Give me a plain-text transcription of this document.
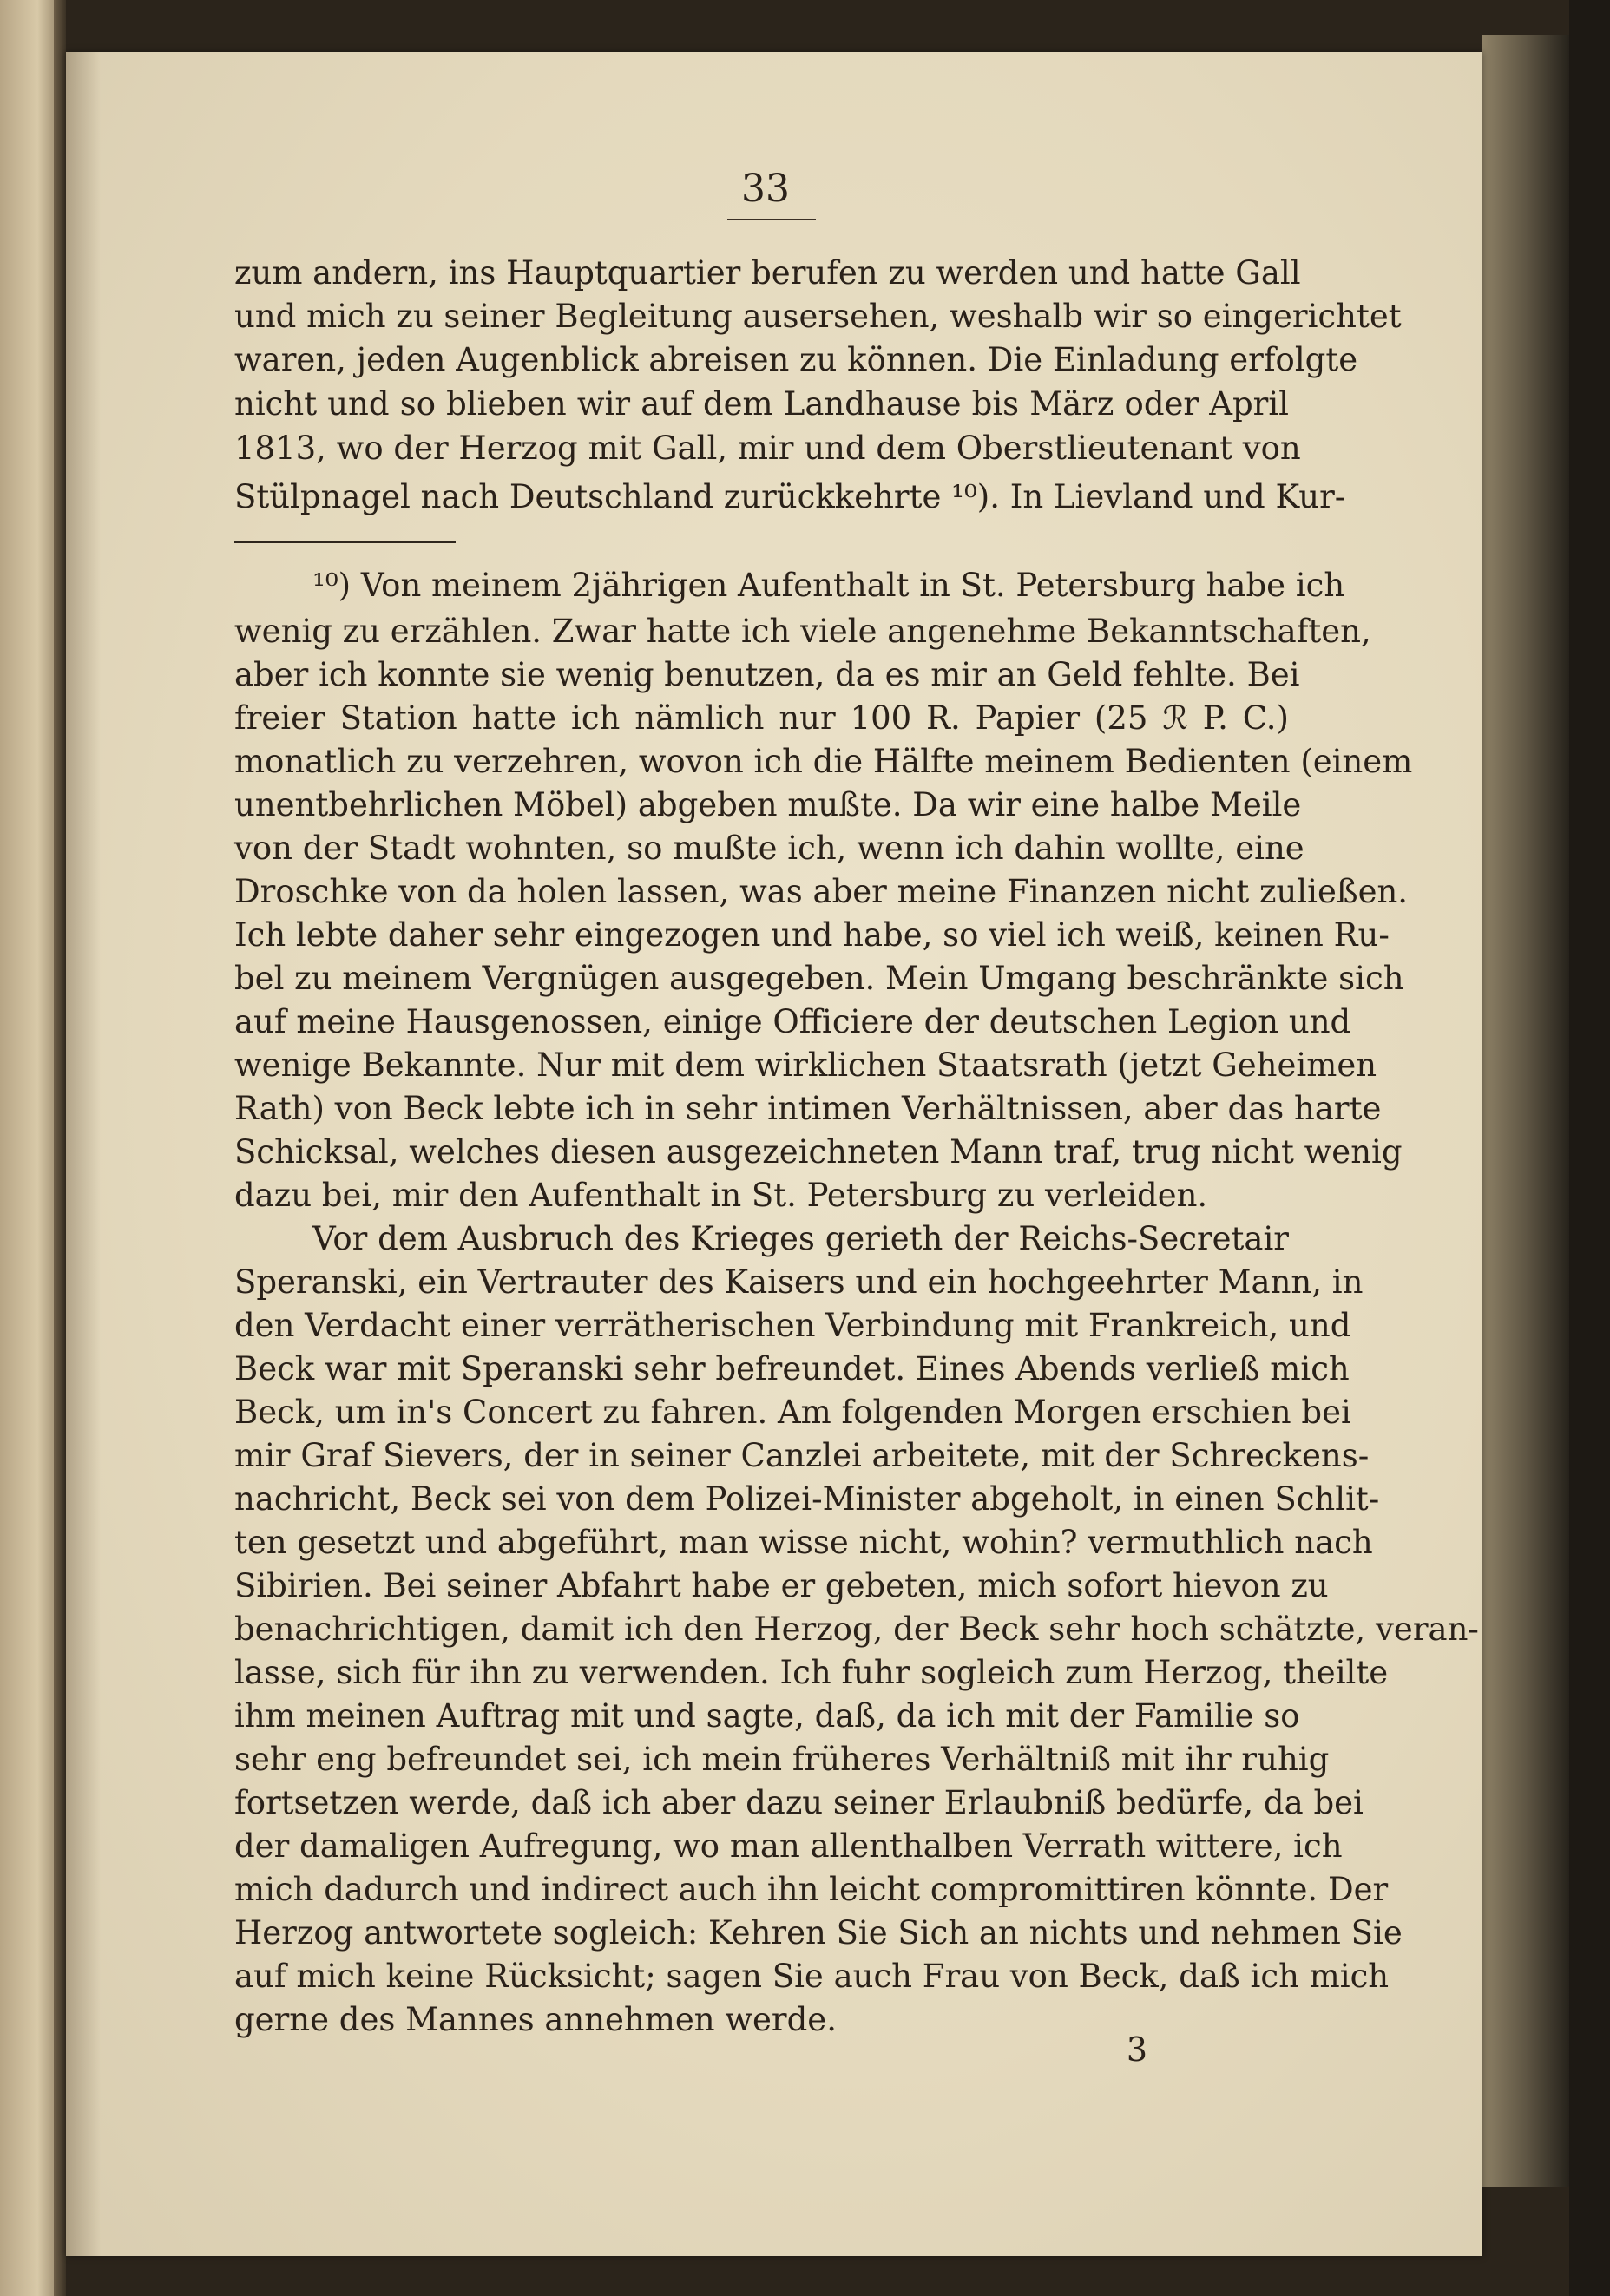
33
zum andern, ins Hauptquartier berufen zu werden und hatte Gall
und mich zu seiner Begleitung ausersehen, weshalb wir so eingerichtet
waren, jeden Augenblick abreisen zu können. Die Einladung erfolgte
nicht und so blieben wir auf dem Landhause bis März oder April
1813, wo der Herzog mit Gall, mir und dem Oberstlieutenant von
Stülpnagel nach Deutschland zurückkehrte ¹⁰). In Lievland und Kur-
¹⁰) Von meinem 2jährigen Aufenthalt in St. Petersburg habe ich
wenig zu erzählen. Zwar hatte ich viele angenehme Bekanntschaften,
aber ich konnte sie wenig benutzen, da es mir an Geld fehlte. Bei
freier Station hatte ich nämlich nur 100 R. Papier (25 ℛ P. C.)
monatlich zu verzehren, wovon ich die Hälfte meinem Bedienten (einem
unentbehrlichen Möbel) abgeben mußte. Da wir eine halbe Meile
von der Stadt wohnten, so mußte ich, wenn ich dahin wollte, eine
Droschke von da holen lassen, was aber meine Finanzen nicht zuließen.
Ich lebte daher sehr eingezogen und habe, so viel ich weiß, keinen Ru-
bel zu meinem Vergnügen ausgegeben. Mein Umgang beschränkte sich
auf meine Hausgenossen, einige Officiere der deutschen Legion und
wenige Bekannte. Nur mit dem wirklichen Staatsrath (jetzt Geheimen
Rath) von Beck lebte ich in sehr intimen Verhältnissen, aber das harte
Schicksal, welches diesen ausgezeichneten Mann traf, trug nicht wenig
dazu bei, mir den Aufenthalt in St. Petersburg zu verleiden.
Vor dem Ausbruch des Krieges gerieth der Reichs-Secretair
Speranski, ein Vertrauter des Kaisers und ein hochgeehrter Mann, in
den Verdacht einer verrätherischen Verbindung mit Frankreich, und
Beck war mit Speranski sehr befreundet. Eines Abends verließ mich
Beck, um in's Concert zu fahren. Am folgenden Morgen erschien bei
mir Graf Sievers, der in seiner Canzlei arbeitete, mit der Schreckens-
nachricht, Beck sei von dem Polizei-Minister abgeholt, in einen Schlit-
ten gesetzt und abgeführt, man wisse nicht, wohin? vermuthlich nach
Sibirien. Bei seiner Abfahrt habe er gebeten, mich sofort hievon zu
benachrichtigen, damit ich den Herzog, der Beck sehr hoch schätzte, veran-
lasse, sich für ihn zu verwenden. Ich fuhr sogleich zum Herzog, theilte
ihm meinen Auftrag mit und sagte, daß, da ich mit der Familie so
sehr eng befreundet sei, ich mein früheres Verhältniß mit ihr ruhig
fortsetzen werde, daß ich aber dazu seiner Erlaubniß bedürfe, da bei
der damaligen Aufregung, wo man allenthalben Verrath wittere, ich
mich dadurch und indirect auch ihn leicht compromittiren könnte. Der
Herzog antwortete sogleich: Kehren Sie Sich an nichts und nehmen Sie
auf mich keine Rücksicht; sagen Sie auch Frau von Beck, daß ich mich
gerne des Mannes annehmen werde.
3
